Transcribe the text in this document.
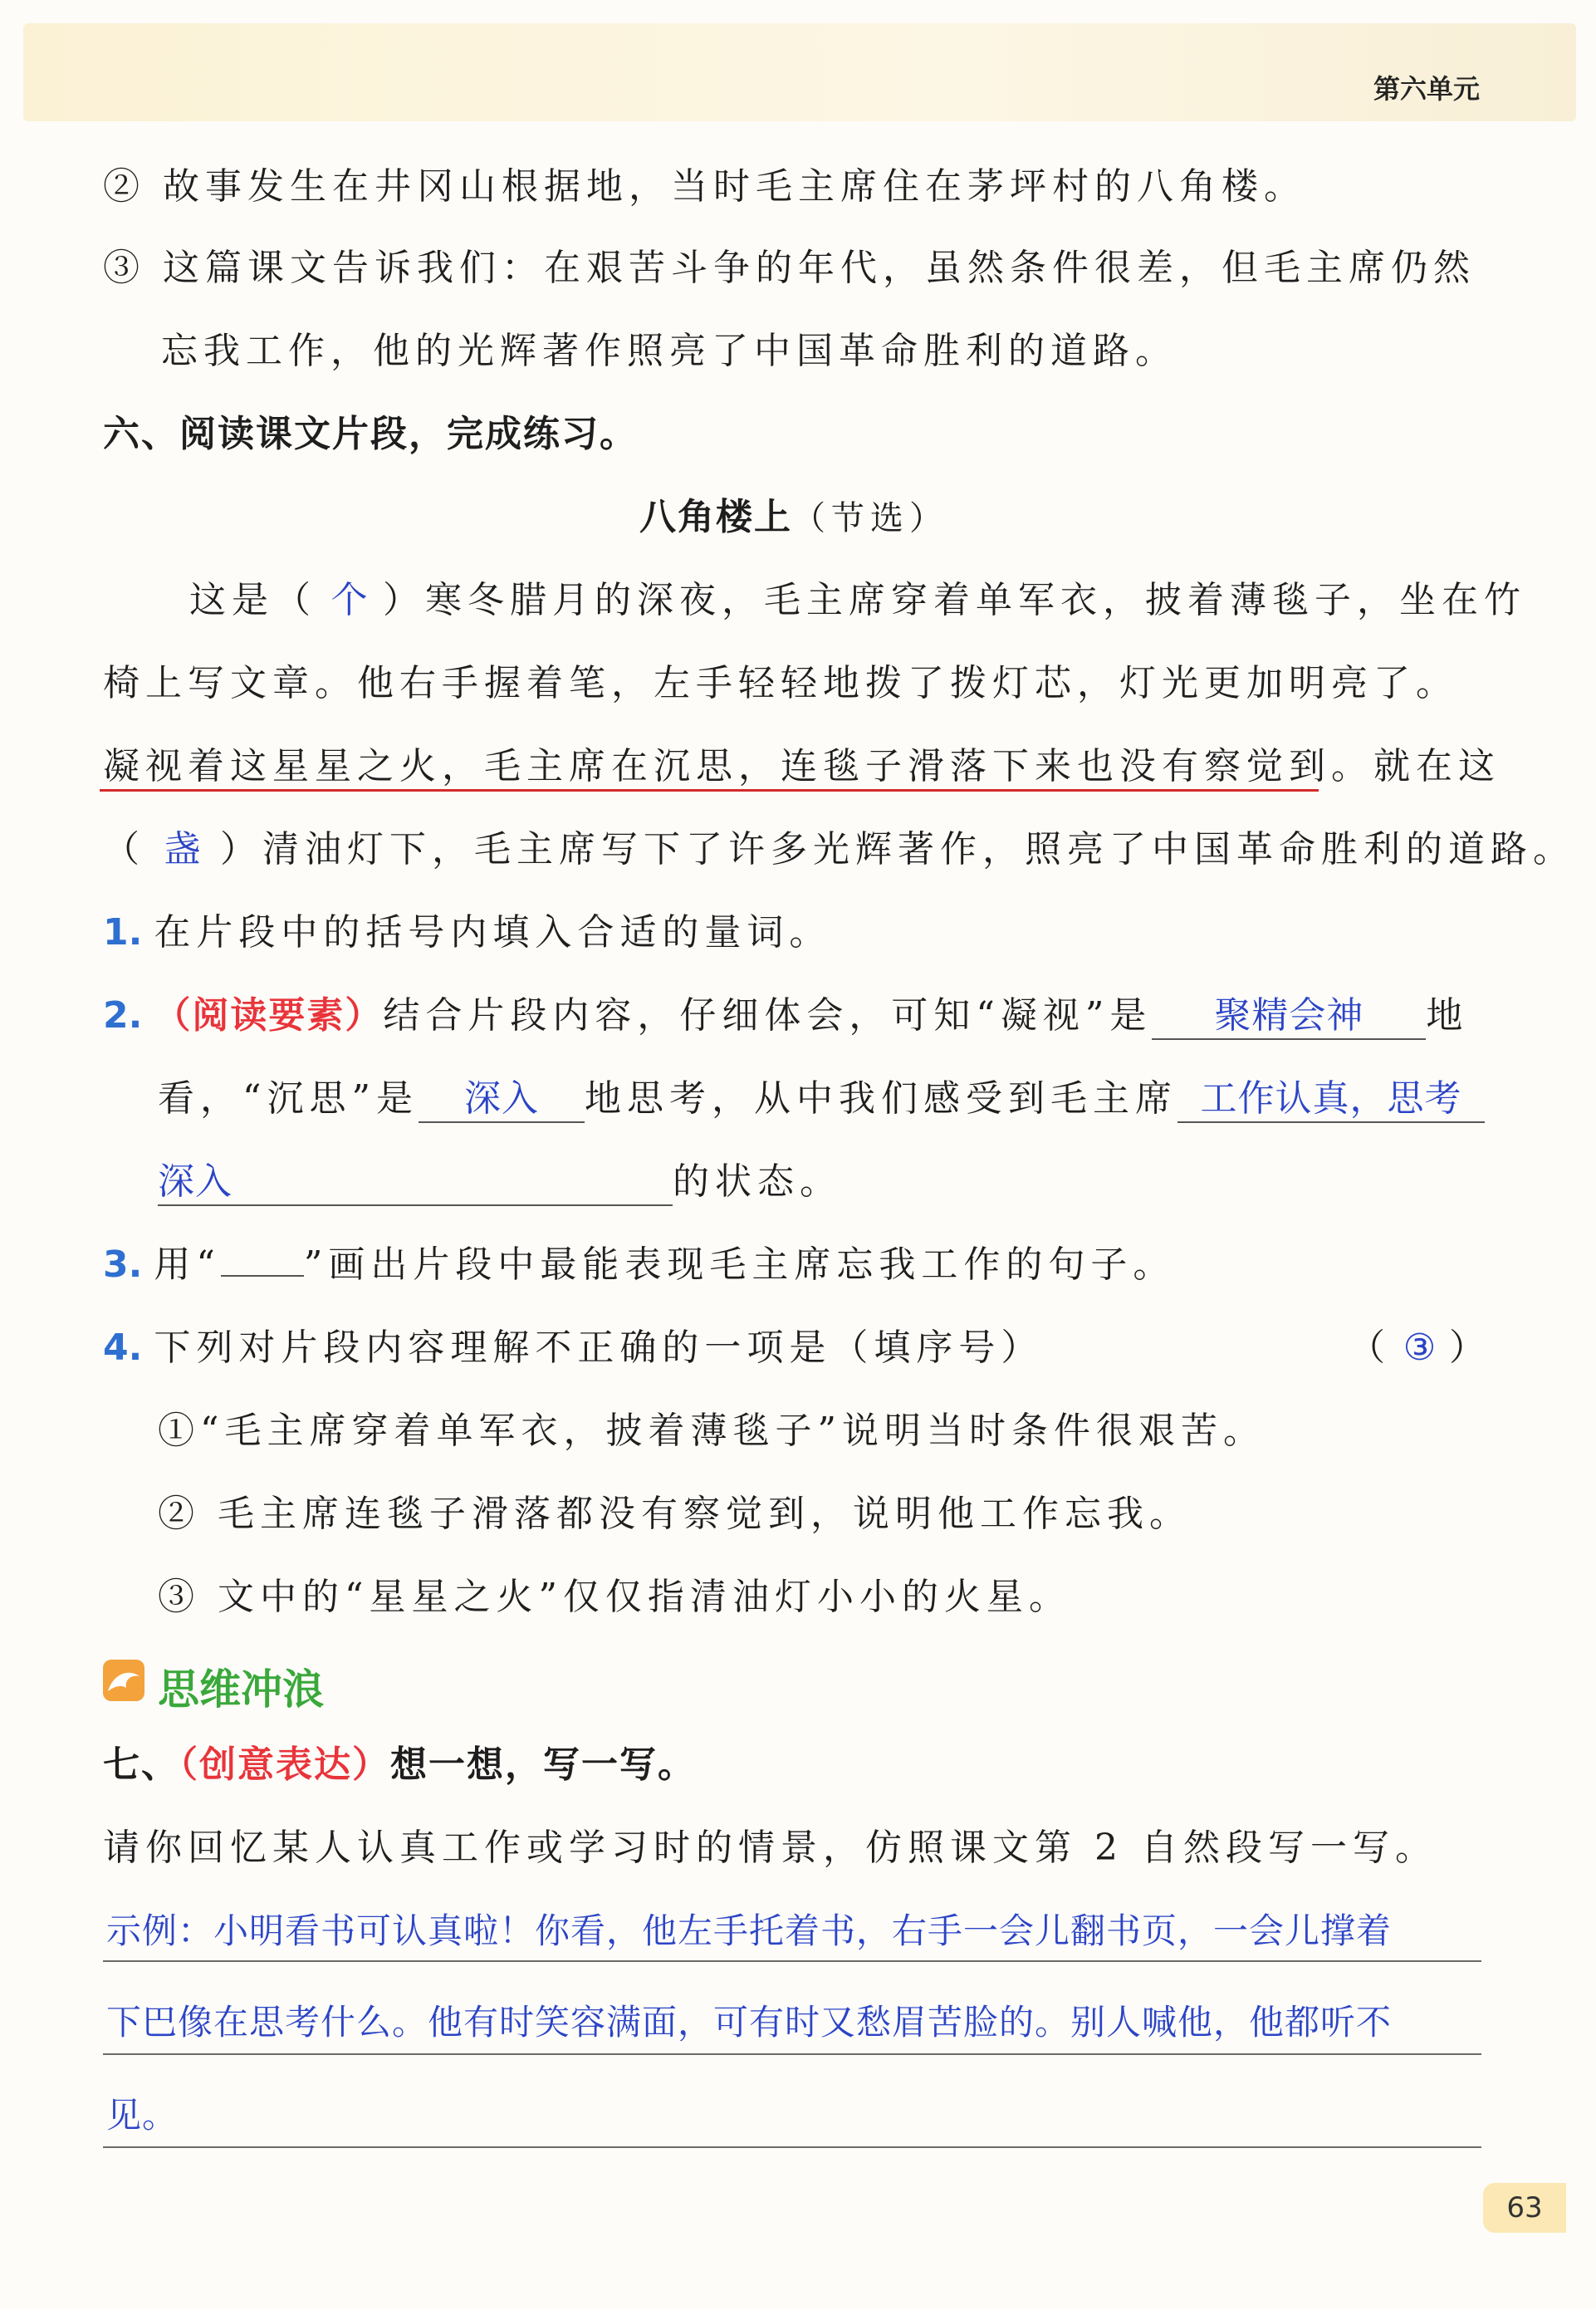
第六单元
② 故事发生在井冈山根据地，当时毛主席住在茅坪村的八角楼。
③ 这篇课文告诉我们：在艰苦斗争的年代，虽然条件很差，但毛主席仍然
忘我工作，他的光辉著作照亮了中国革命胜利的道路。
六、阅读课文片段，完成练习。
八角楼上（节选）
这是（ 个 ）寒冬腊月的深夜，毛主席穿着单军衣，披着薄毯子，坐在竹
椅上写文章。他右手握着笔，左手轻轻地拨了拨灯芯，灯光更加明亮了。
凝视着这星星之火，毛主席在沉思，连毯子滑落下来也没有察觉到。就在这
（ 盏 ）清油灯下，毛主席写下了许多光辉著作，照亮了中国革命胜利的道路。
1. 在片段中的括号内填入合适的量词。
2. （阅读要素）结合片段内容，仔细体会，可知“凝视”是 聚精会神 地
看，“沉思”是 深入 地思考，从中我们感受到毛主席 工作认真，思考
深入	的状态。
3. 用“ ”画出片段中最能表现毛主席忘我工作的句子。
4. 下列对片段内容理解不正确的一项是（填序号）	（ ③ ）
①“毛主席穿着单军衣，披着薄毯子”说明当时条件很艰苦。
② 毛主席连毯子滑落都没有察觉到，说明他工作忘我。
③ 文中的“星星之火”仅仅指清油灯小小的火星。
思维冲浪
七、（创意表达）想一想，写一写。
请你回忆某人认真工作或学习时的情景，仿照课文第 2 自然段写一写。
示例：小明看书可认真啦！你看，他左手托着书，右手一会儿翻书页，一会儿撑着
下巴像在思考什么。他有时笑容满面，可有时又愁眉苦脸的。别人喊他，他都听不
见。
63
